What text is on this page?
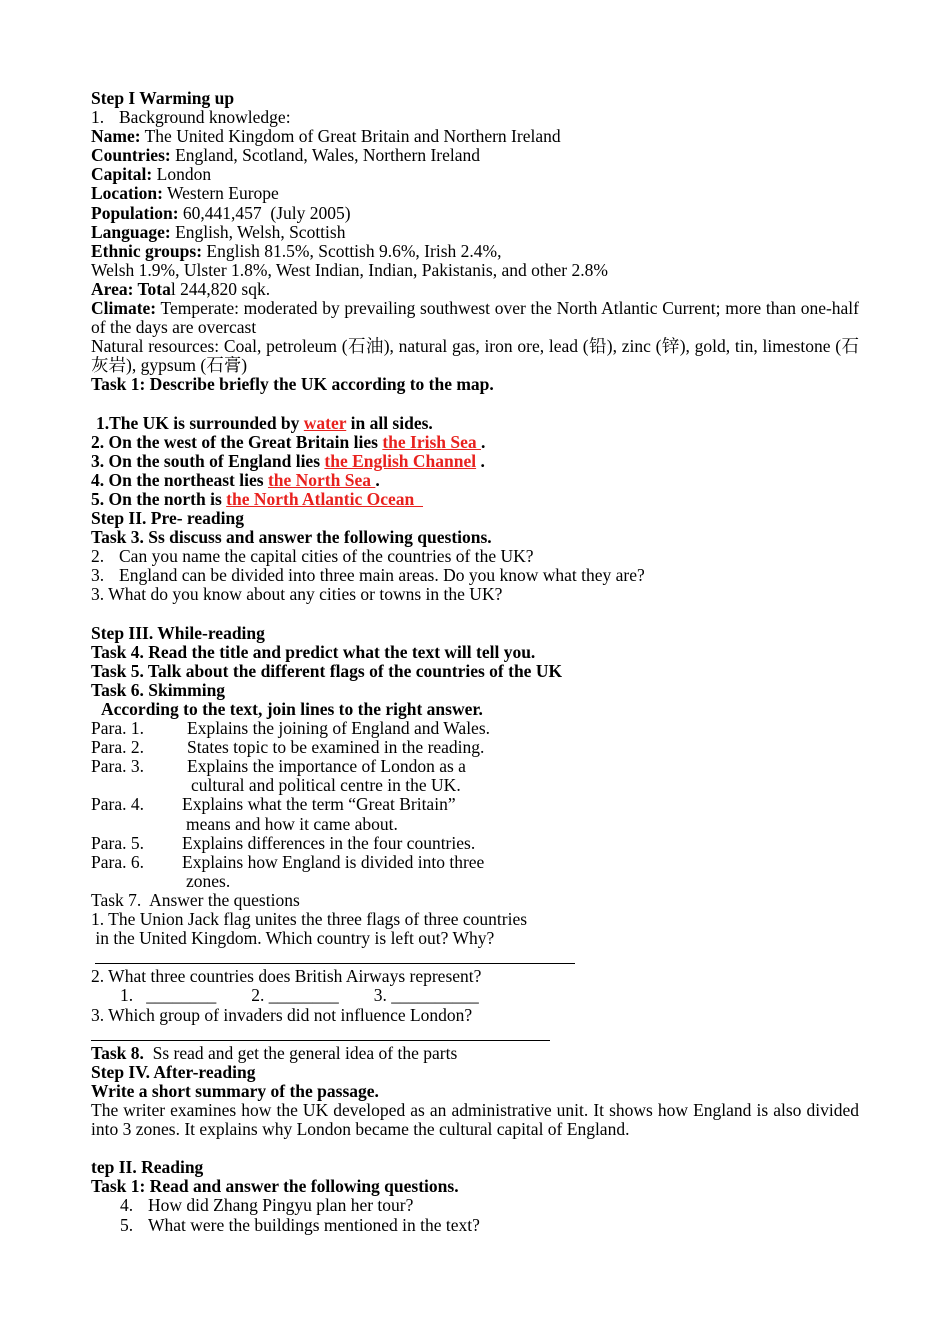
Step I Warming up
1. Background knowledge:
Name: The United Kingdom of Great Britain and Northern Ireland
Countries: England, Scotland, Wales, Northern Ireland
Capital: London
Location: Western Europe
Population: 60,441,457  (July 2005)
Language: English, Welsh, Scottish
Ethnic groups: English 81.5%, Scottish 9.6%, Irish 2.4%,
Welsh 1.9%, Ulster 1.8%, West Indian, Indian, Pakistanis, and other 2.8%
Area: Total 244,820 sqk.
Climate: Temperate: moderated by prevailing southwest over the North Atlantic Current; more than one-half of the days are overcast
Natural resources: Coal, petroleum (石油), natural gas, iron ore, lead (铅), zinc (锌), gold, tin, limestone (石灰岩), gypsum (石膏)
Task 1: Describe briefly the UK according to the map.
1.The UK is surrounded by water in all sides.
2. On the west of the Great Britain lies the Irish Sea .
3. On the south of England lies the English Channel .
4. On the northeast lies the North Sea .
5. On the north is the North Atlantic Ocean
Step II. Pre- reading
Task 3. Ss discuss and answer the following questions.
2. Can you name the capital cities of the countries of the UK?
3. England can be divided into three main areas. Do you know what they are?
3. What do you know about any cities or towns in the UK?
Step III. While-reading
Task 4. Read the title and predict what the text will tell you.
Task 5. Talk about the different flags of the countries of the UK
Task 6. Skimming
According to the text, join lines to the right answer.
Para. 1. Explains the joining of England and Wales.
Para. 2. States topic to be examined in the reading.
Para. 3. Explains the importance of London as a
cultural and political centre in the UK.
Para. 4. Explains what the term “Great Britain”
means and how it came about.
Para. 5. Explains differences in the four countries.
Para. 6. Explains how England is divided into three
zones.
Task 7.  Answer the questions
1. The Union Jack flag unites the three flags of three countries
in the United Kingdom. Which country is left out? Why?
2. What three countries does British Airways represent?
1.   ________        2. ________        3. __________
3. Which group of invaders did not influence London?
Task 8.  Ss read and get the general idea of the parts
Step IV. After-reading
Write a short summary of the passage.
The writer examines how the UK developed as an administrative unit. It shows how England is also divided into 3 zones. It explains why London became the cultural capital of England.
tep II. Reading
Task 1: Read and answer the following questions.
4. How did Zhang Pingyu plan her tour?
5. What were the buildings mentioned in the text?
